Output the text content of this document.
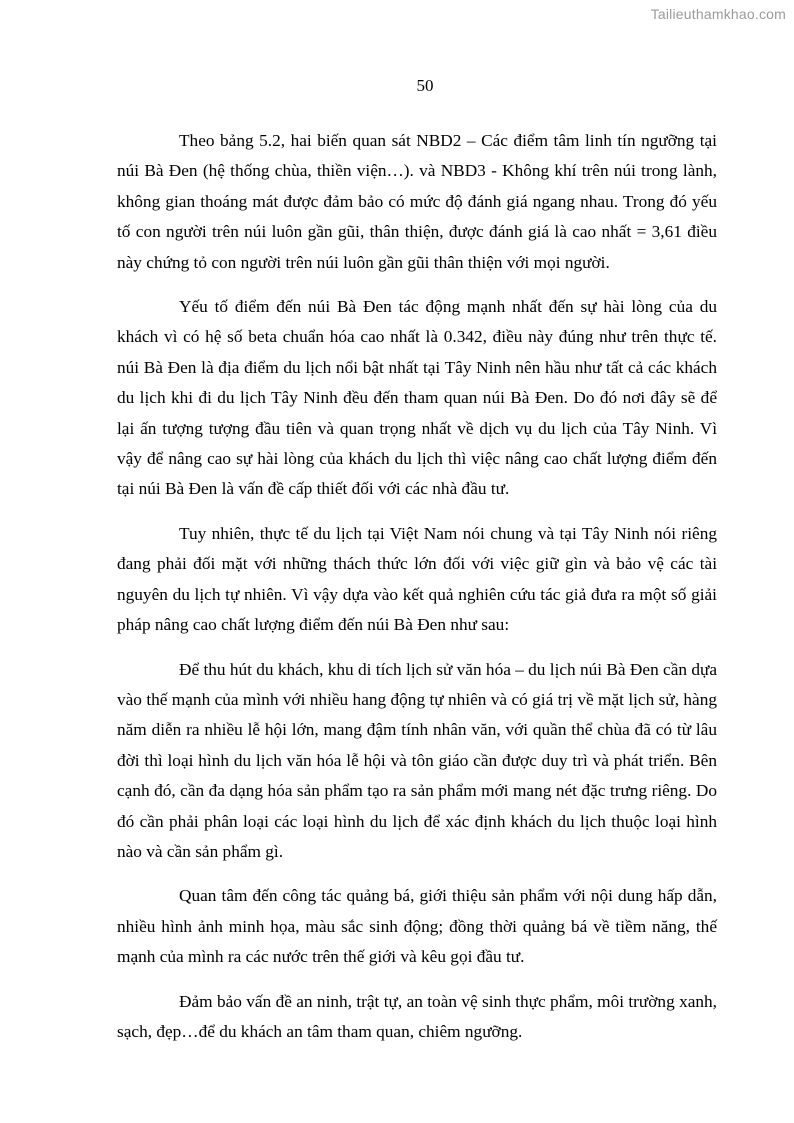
Tailieuthamkhao.com
50

Theo bảng 5.2, hai biến quan sát NBD2 – Các điểm tâm linh tín ngưỡng tại núi Bà Đen (hệ thống chùa, thiền viện…). và NBD3 - Không khí trên núi trong lành, không gian thoáng mát được đảm bảo có mức độ đánh giá ngang nhau. Trong đó yếu tố con người trên núi luôn gần gũi, thân thiện, được đánh giá là cao nhất = 3,61 điều này chứng tỏ con người trên núi luôn gần gũi thân thiện với mọi người.

Yếu tố điểm đến núi Bà Đen tác động mạnh nhất đến sự hài lòng của du khách vì có hệ số beta chuẩn hóa cao nhất là 0.342, điều này đúng như trên thực tế. núi Bà Đen là địa điểm du lịch nổi bật nhất tại Tây Ninh nên hầu như tất cả các khách du lịch khi đi du lịch Tây Ninh đều đến tham quan núi Bà Đen. Do đó nơi đây sẽ để lại ấn tượng tượng đầu tiên và quan trọng nhất về dịch vụ du lịch của Tây Ninh. Vì vậy để nâng cao sự hài lòng của khách du lịch thì việc nâng cao chất lượng điểm đến tại núi Bà Đen là vấn đề cấp thiết đối với các nhà đầu tư.

Tuy nhiên, thực tế du lịch tại Việt Nam nói chung và tại Tây Ninh nói riêng đang phải đối mặt với những thách thức lớn đối với việc giữ gìn và bảo vệ các tài nguyên du lịch tự nhiên. Vì vậy dựa vào kết quả nghiên cứu tác giả đưa ra một số giải pháp nâng cao chất lượng điểm đến núi Bà Đen như sau:

Để thu hút du khách, khu di tích lịch sử văn hóa – du lịch núi Bà Đen cần dựa vào thế mạnh của mình với nhiều hang động tự nhiên và có giá trị về mặt lịch sử, hàng năm diễn ra nhiều lễ hội lớn, mang đậm tính nhân văn, với quần thể chùa đã có từ lâu đời thì loại hình du lịch văn hóa lễ hội và tôn giáo cần được duy trì và phát triển. Bên cạnh đó, cần đa dạng hóa sản phẩm tạo ra sản phẩm mới mang nét đặc trưng riêng. Do đó cần phải phân loại các loại hình du lịch để xác định khách du lịch thuộc loại hình nào và cần sản phẩm gì.

Quan tâm đến công tác quảng bá, giới thiệu sản phẩm với nội dung hấp dẫn, nhiều hình ảnh minh họa, màu sắc sinh động; đồng thời quảng bá về tiềm năng, thế mạnh của mình ra các nước trên thế giới và kêu gọi đầu tư.

Đảm bảo vấn đề an ninh, trật tự, an toàn vệ sinh thực phẩm, môi trường xanh, sạch, đẹp…để du khách an tâm tham quan, chiêm ngưỡng.
